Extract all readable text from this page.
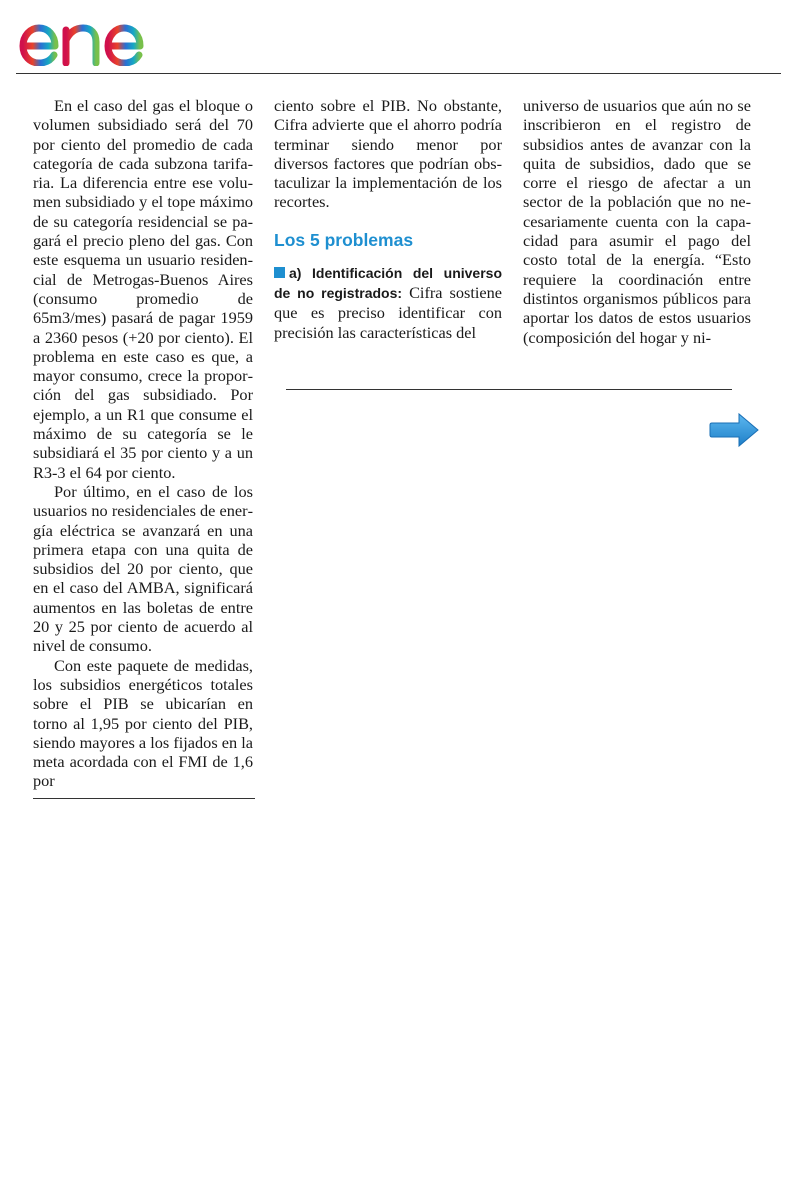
En el caso del gas el bloque o volumen subsidiado será del 70 por ciento del promedio de cada categoría de cada subzona tarifaria. La diferencia entre ese volumen subsidiado y el tope máximo de su categoría residencial se pagará el precio pleno del gas. Con este esquema un usuario residencial de Metrogas-Buenos Aires (consumo promedio de 65m3/mes) pasará de pagar 1959 a 2360 pesos (+20 por ciento). El problema en este caso es que, a mayor consumo, crece la proporción del gas subsidiado. Por ejemplo, a un R1 que consume el máximo de su categoría se le subsidiará el 35 por ciento y a un R3-3 el 64 por ciento.

Por último, en el caso de los usuarios no residenciales de energía eléctrica se avanzará en una primera etapa con una quita de subsidios del 20 por ciento, que en el caso del AMBA, significará aumentos en las boletas de entre 20 y 25 por ciento de acuerdo al nivel de consumo.

Con este paquete de medidas, los subsidios energéticos totales sobre el PIB se ubicarían en torno al 1,95 por ciento del PIB, siendo mayores a los fijados en la meta acordada con el FMI de 1,6 por

ciento sobre el PIB. No obstante, Cifra advierte que el ahorro podría terminar siendo menor por diversos factores que podrían obstaculizar la implementación de los recortes.

Los 5 problemas

a) Identificación del universo de no registrados: Cifra sostiene que es preciso identificar con precisión las características del

universo de usuarios que aún no se inscribieron en el registro de subsidios antes de avanzar con la quita de subsidios, dado que se corre el riesgo de afectar a un sector de la población que no necesariamente cuenta con la capacidad para asumir el pago del costo total de la energía. “Esto requiere la coordinación entre distintos organismos públicos para aportar los datos de estos usuarios (composición del hogar y ni-
